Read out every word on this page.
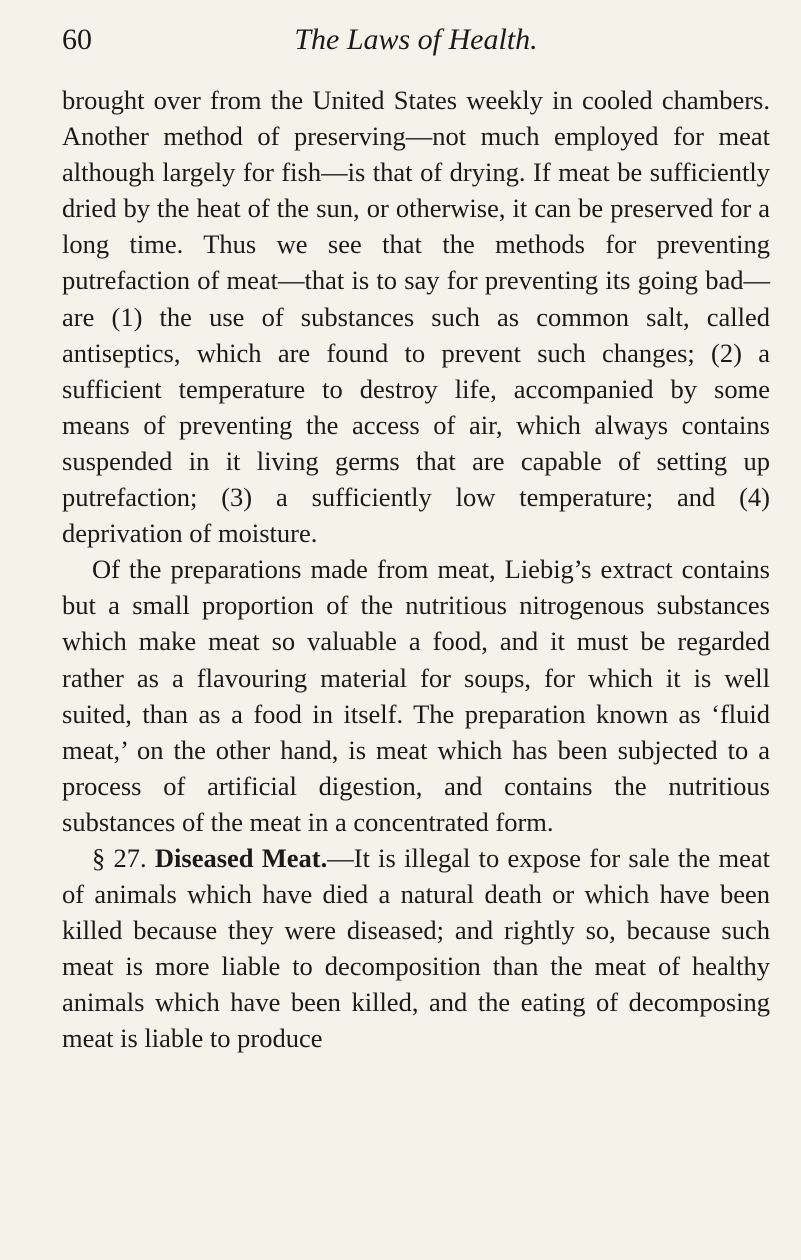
60	The Laws of Health.

brought over from the United States weekly in cooled chambers. Another method of preserving—not much employed for meat although largely for fish—is that of drying. If meat be sufficiently dried by the heat of the sun, or otherwise, it can be preserved for a long time. Thus we see that the methods for preventing putrefaction of meat—that is to say for preventing its going bad—are (1) the use of substances such as common salt, called antiseptics, which are found to prevent such changes; (2) a sufficient temperature to destroy life, accompanied by some means of preventing the access of air, which always contains suspended in it living germs that are capable of setting up putrefaction; (3) a sufficiently low temperature; and (4) deprivation of moisture.

Of the preparations made from meat, Liebig’s extract contains but a small proportion of the nutritious nitrogenous substances which make meat so valuable a food, and it must be regarded rather as a flavouring material for soups, for which it is well suited, than as a food in itself. The preparation known as ‘fluid meat,’ on the other hand, is meat which has been subjected to a process of artificial digestion, and contains the nutritious substances of the meat in a concentrated form.

§ 27. Diseased Meat.—It is illegal to expose for sale the meat of animals which have died a natural death or which have been killed because they were diseased; and rightly so, because such meat is more liable to decomposition than the meat of healthy animals which have been killed, and the eating of decomposing meat is liable to produce
